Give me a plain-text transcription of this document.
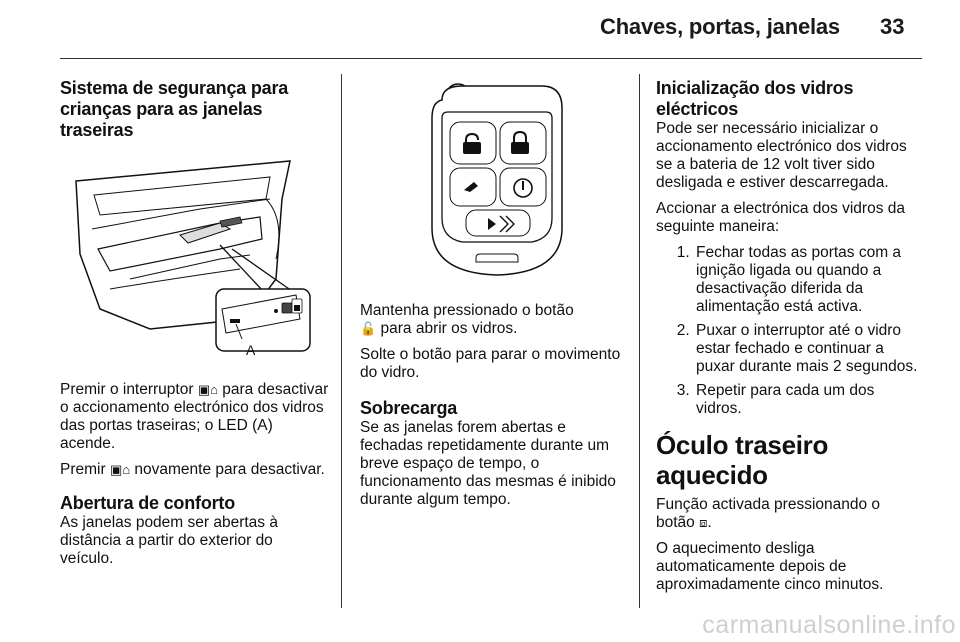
Chaves, portas, janelas 33
Sistema de segurança para crianças para as janelas traseiras
A

Premir o interruptor ▣⌂ para desactivar o accionamento electrónico dos vidros das portas traseiras; o LED (A) acende.

Premir ▣⌂ novamente para desactivar.

Abertura de conforto

As janelas podem ser abertas à distância a partir do exterior do veículo.

Mantenha pressionado o botão
🔓 para abrir os vidros.

Solte o botão para parar o movimento do vidro.

Sobrecarga

Se as janelas forem abertas e fechadas repetidamente durante um breve espaço de tempo, o funcionamento das mesmas é inibido durante algum tempo.

Inicialização dos vidros eléctricos

Pode ser necessário inicializar o accionamento electrónico dos vidros se a bateria de 12 volt tiver sido desligada e estiver descarregada.

Accionar a electrónica dos vidros da seguinte maneira:

1. Fechar todas as portas com a ignição ligada ou quando a desactivação diferida da alimentação está activa.
2. Puxar o interruptor até o vidro estar fechado e continuar a puxar durante mais 2 segundos.
3. Repetir para cada um dos vidros.
Óculo traseiro aquecido

Função activada pressionando o botão ⧈.

O aquecimento desliga automaticamente depois de aproximadamente cinco minutos.

carmanualsonline.info
